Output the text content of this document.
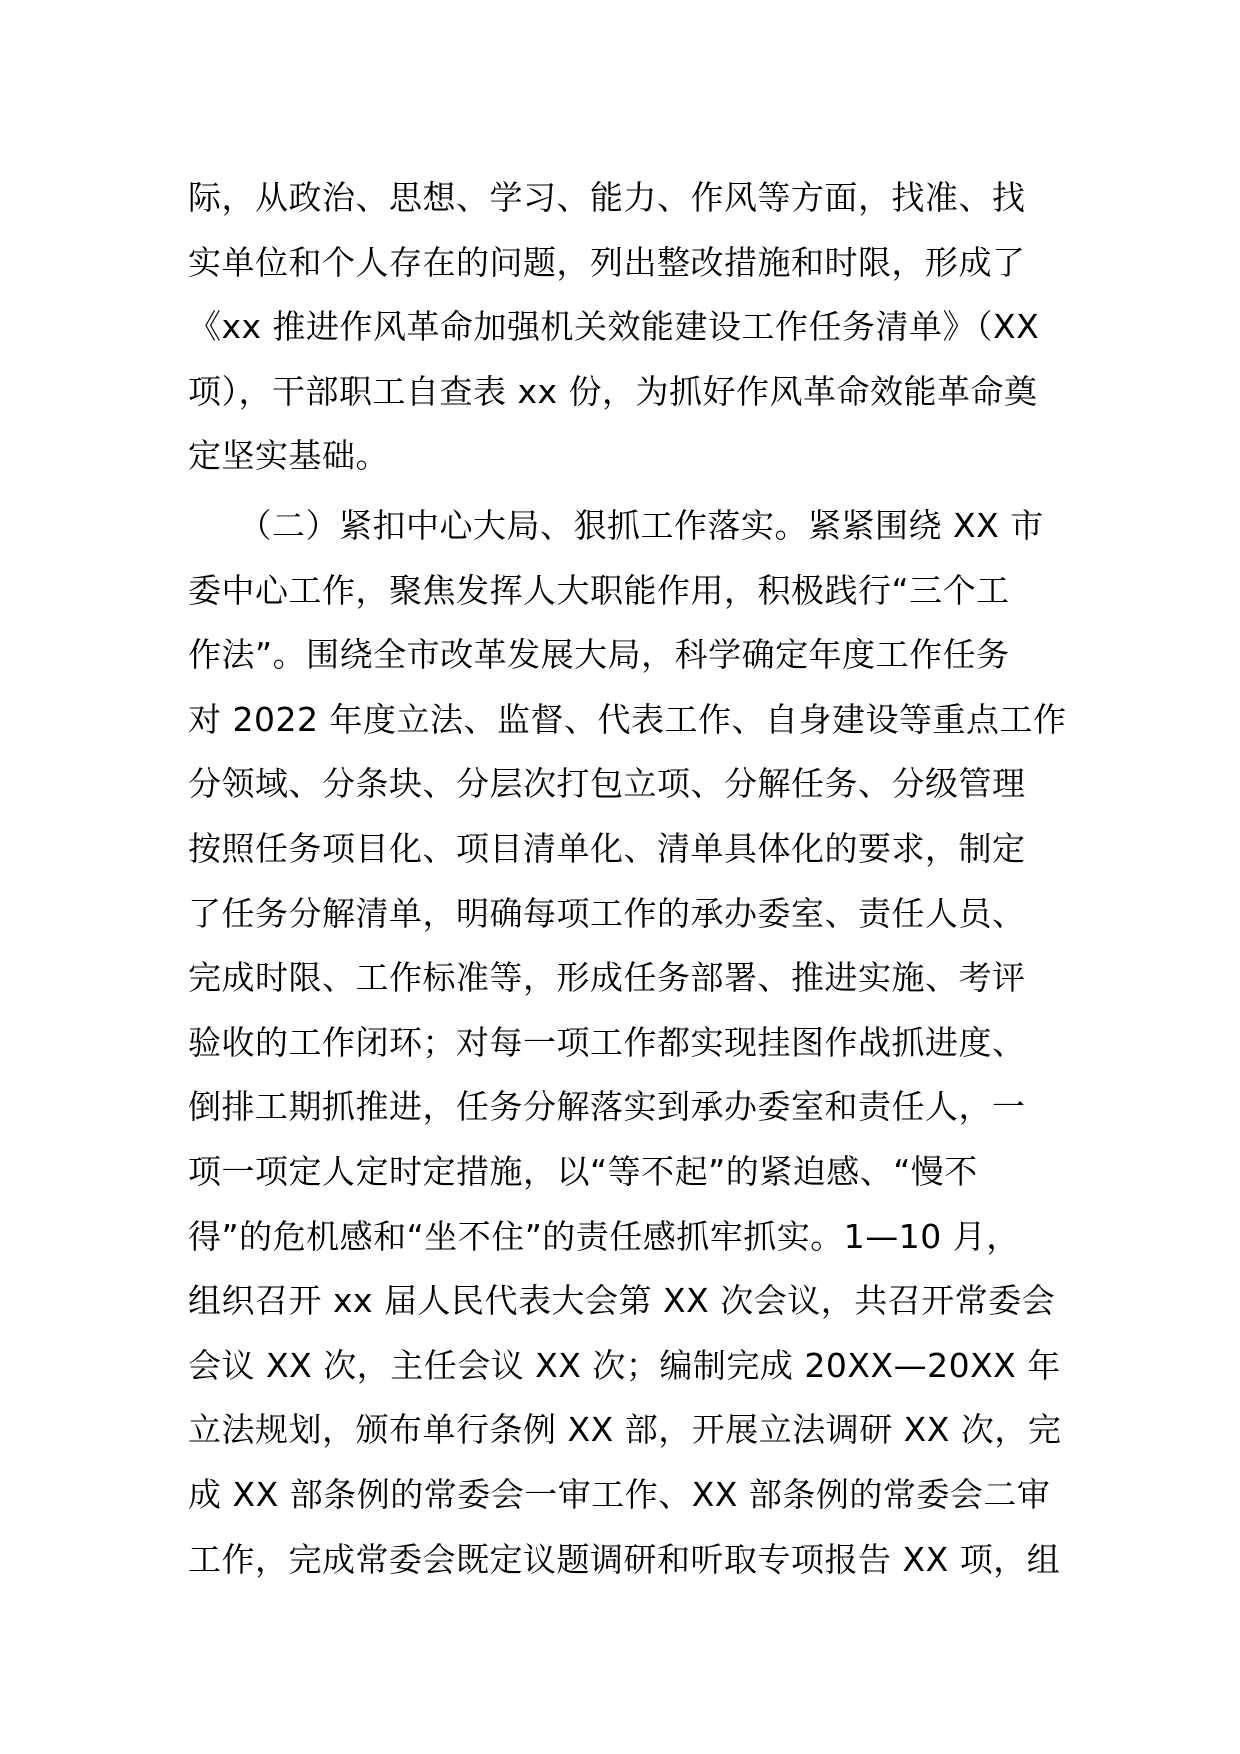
际，从政治、思想、学习、能力、作风等方面，找准、找
实单位和个人存在的问题，列出整改措施和时限，形成了
《xx 推进作风革命加强机关效能建设工作任务清单》（XX
项），干部职工自查表 xx 份，为抓好作风革命效能革命奠
定坚实基础。
　　（二）紧扣中心大局、狠抓工作落实。紧紧围绕 XX 市
委中心工作，聚焦发挥人大职能作用，积极践行“三个工
作法”。围绕全市改革发展大局，科学确定年度工作任务
对 2022 年度立法、监督、代表工作、自身建设等重点工作
分领域、分条块、分层次打包立项、分解任务、分级管理
按照任务项目化、项目清单化、清单具体化的要求，制定
了任务分解清单，明确每项工作的承办委室、责任人员、
完成时限、工作标准等，形成任务部署、推进实施、考评
验收的工作闭环；对每一项工作都实现挂图作战抓进度、
倒排工期抓推进，任务分解落实到承办委室和责任人，一
项一项定人定时定措施，以“等不起”的紧迫感、“慢不
得”的危机感和“坐不住”的责任感抓牢抓实。1—10 月，
组织召开 xx 届人民代表大会第 XX 次会议，共召开常委会
会议 XX 次，主任会议 XX 次；编制完成 20XX—20XX 年
立法规划，颁布单行条例 XX 部，开展立法调研 XX 次，完
成 XX 部条例的常委会一审工作、XX 部条例的常委会二审
工作，完成常委会既定议题调研和听取专项报告 XX 项，组
